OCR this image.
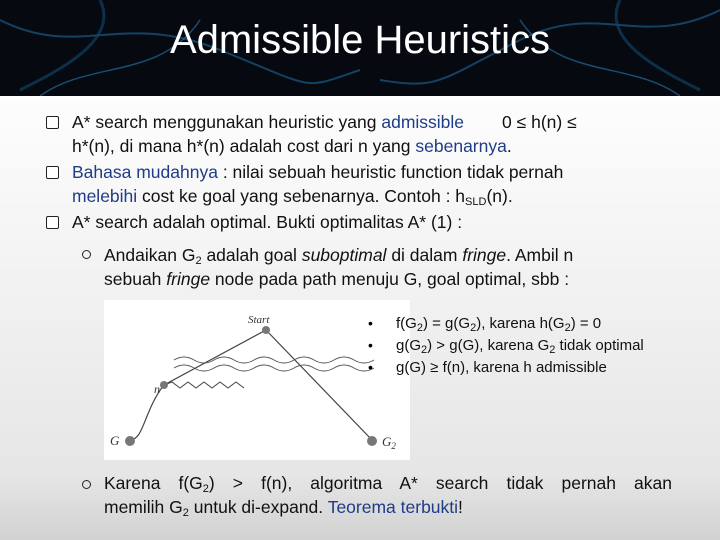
Admissible Heuristics
A* search menggunakan heuristic yang admissible 0 ≤ h(n) ≤
h*(n), di mana h*(n) adalah cost dari n yang sebenarnya.
Bahasa mudahnya : nilai sebuah heuristic function tidak pernah
melebihi cost ke goal yang sebenarnya. Contoh : $h_{SLD}(n)$.
A* search adalah optimal. Bukti optimalitas A* (1) :
Andaikan $G_2$ adalah goal suboptimal di dalam fringe. Ambil n
sebuah fringe node pada path menuju G, goal optimal, sbb :
Start
n
G	$G_2$
• $f(G_2) = g(G_2)$, karena $h(G_2) = 0$
• $g(G_2) > g(G)$, karena $G_2$ tidak optimal
• g(G) ≥ f(n), karena h admissible
Karena $f(G_2) > f(n)$, algoritma A* search tidak pernah akan
memilih $G_2$ untuk di-expand. Teorema terbukti!
